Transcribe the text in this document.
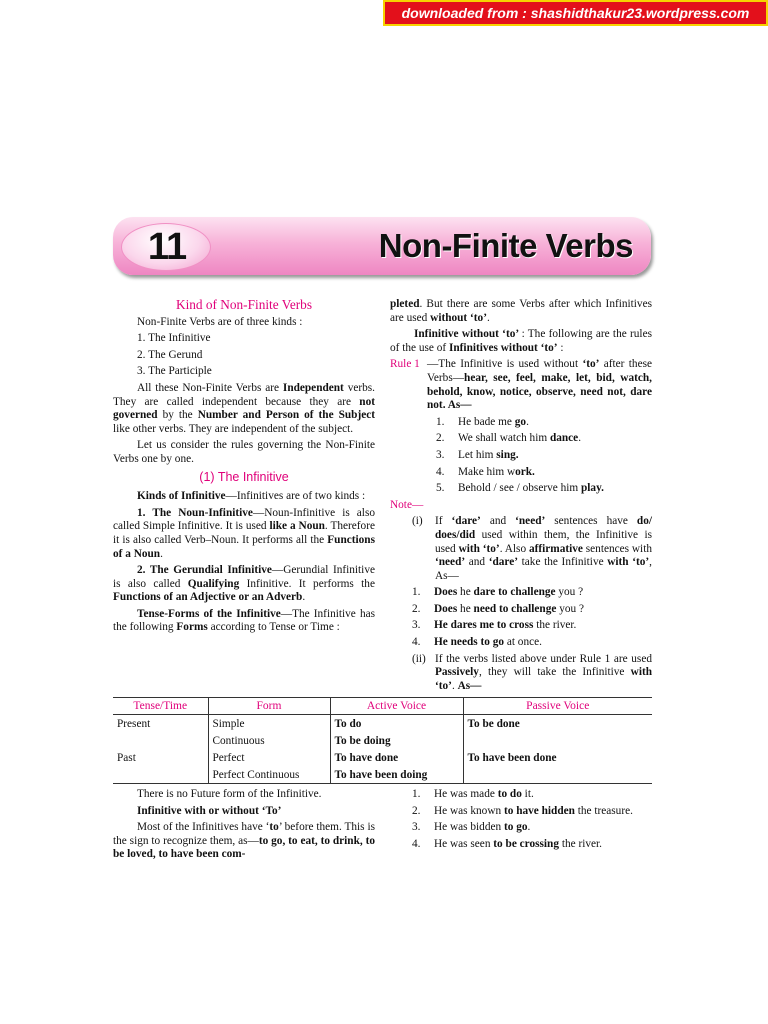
downloaded from : shashidthakur23.wordpress.com
11	Non-Finite Verbs

Kind of Non-Finite Verbs

Non-Finite Verbs are of three kinds :

1. The Infinitive

2. The Gerund

3. The Participle

All these Non-Finite Verbs are Independent verbs. They are called independent because they are not governed by the Number and Person of the Subject like other verbs. They are independent of the subject.

Let us consider the rules governing the Non-Finite Verbs one by one.

(1) The Infinitive

Kinds of Infinitive—Infinitives are of two kinds :

1. The Noun-Infinitive—Noun-Infinitive is also called Simple Infinitive. It is used like a Noun. Therefore it is also called Verb–Noun. It performs all the Functions of a Noun.

2. The Gerundial Infinitive—Gerundial Infinitive is also called Qualifying Infinitive. It performs the Functions of an Adjective or an Adverb.

Tense-Forms of the Infinitive—The Infinitive has the following Forms according to Tense or Time :

pleted. But there are some Verbs after which Infinitives are used without ‘to’.

Infinitive without ‘to’ : The following are the rules of the use of Infinitives without ‘to’ :

Rule 1 —The Infinitive is used without ‘to’ after these Verbs—hear, see, feel, make, let, bid, watch, behold, know, notice, observe, need not, dare not. As—
1.	He bade me go.
2.	We shall watch him dance.
3.	Let him sing.
4.	Make him work.
5.	Behold / see / observe him play.

Note—

(i)	If ‘dare’ and ‘need’ sentences have do/ does/did used within them, the Infinitive is used with ‘to’. Also affirmative sentences with ‘need’ and ‘dare’ take the Infinitive with ‘to’, As—
1.	Does he dare to challenge you ?
2.	Does he need to challenge you ?
3.	He dares me to cross the river.
4.	He needs to go at once.
(ii) If the verbs listed above under Rule 1 are used Passively, they will take the Infinitive with ‘to’. As—
Tense/Time	Form	Active Voice	Passive Voice
Present	Simple	To do	To be done
	Continuous	To be doing	
Past	Perfect	To have done	To have been done
	Perfect Continuous	To have been doing	

There is no Future form of the Infinitive.

Infinitive with or without ‘To’

Most of the Infinitives have ‘to’ before them. This is the sign to recognize them, as—to go, to eat, to drink, to be loved, to have been com-

1.	He was made to do it.
2.	He was known to have hidden the treasure.
3.	He was bidden to go.
4.	He was seen to be crossing the river.
